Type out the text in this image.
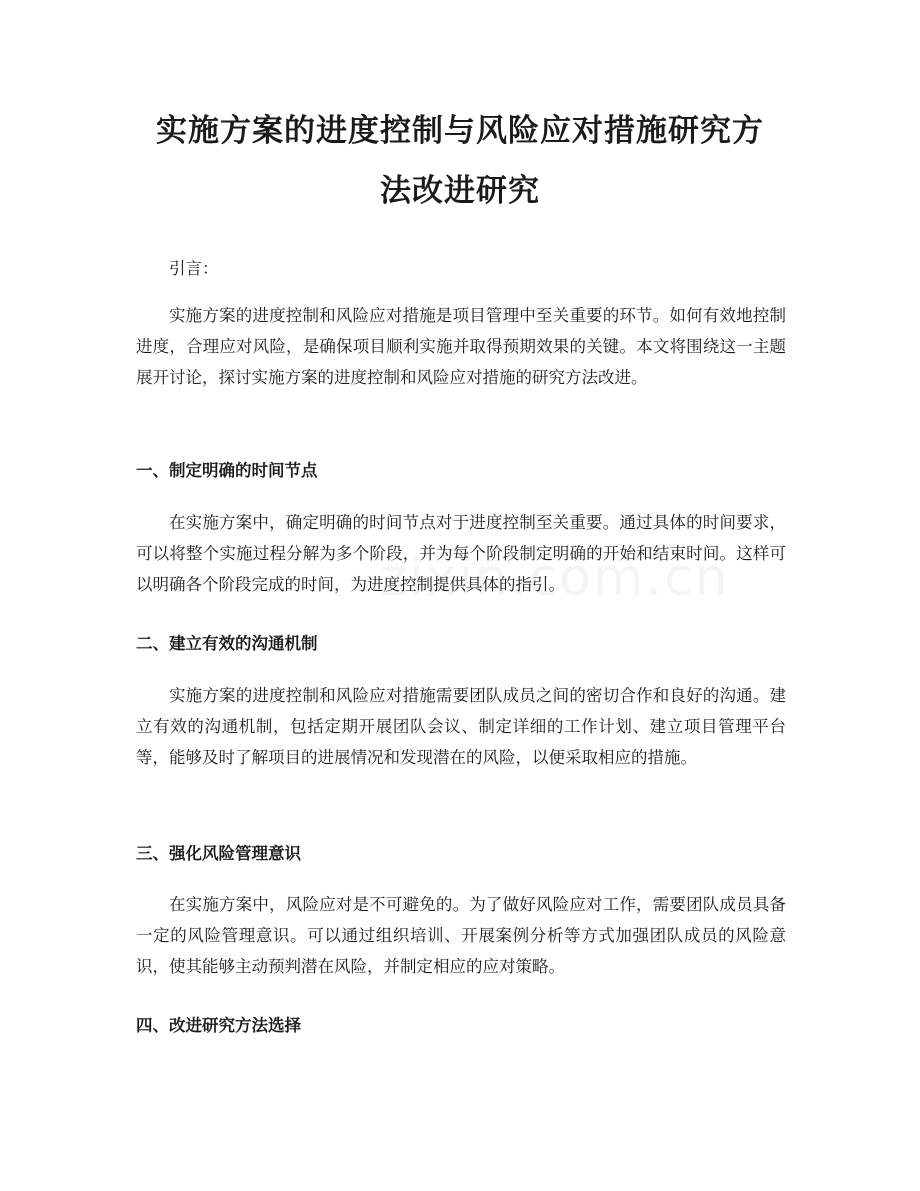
实施方案的进度控制与风险应对措施研究方
法改进研究

引言：

实施方案的进度控制和风险应对措施是项目管理中至关重要的环节。如何有效地控制进度，合理应对风险，是确保项目顺利实施并取得预期效果的关键。本文将围绕这一主题展开讨论，探讨实施方案的进度控制和风险应对措施的研究方法改进。

一、制定明确的时间节点

在实施方案中，确定明确的时间节点对于进度控制至关重要。通过具体的时间要求，可以将整个实施过程分解为多个阶段，并为每个阶段制定明确的开始和结束时间。这样可以明确各个阶段完成的时间，为进度控制提供具体的指引。

二、建立有效的沟通机制

实施方案的进度控制和风险应对措施需要团队成员之间的密切合作和良好的沟通。建立有效的沟通机制，包括定期开展团队会议、制定详细的工作计划、建立项目管理平台等，能够及时了解项目的进展情况和发现潜在的风险，以便采取相应的措施。

三、强化风险管理意识

在实施方案中，风险应对是不可避免的。为了做好风险应对工作，需要团队成员具备一定的风险管理意识。可以通过组织培训、开展案例分析等方式加强团队成员的风险意识，使其能够主动预判潜在风险，并制定相应的应对策略。

四、改进研究方法选择
